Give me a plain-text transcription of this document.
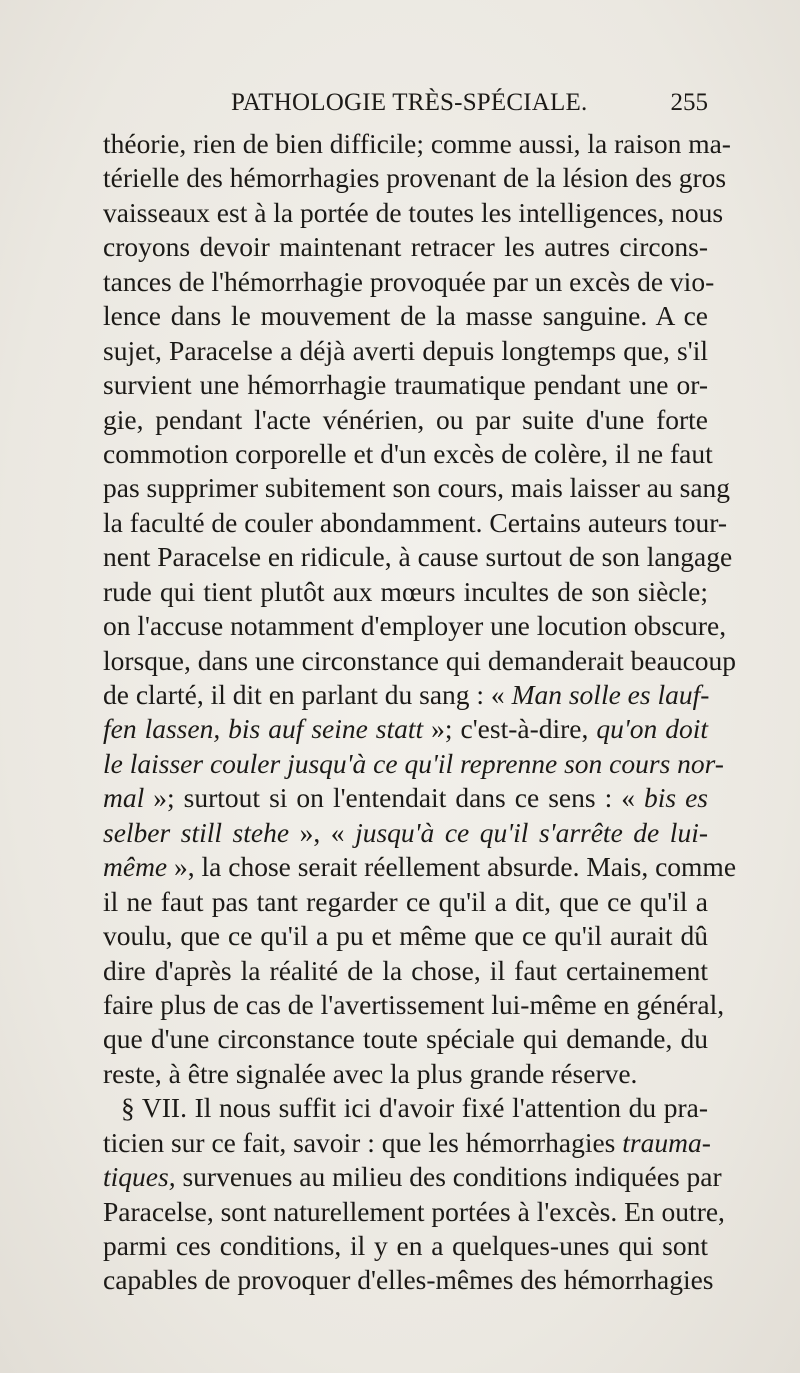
PATHOLOGIE TRÈS-SPÉCIALE.	255
théorie, rien de bien difficile; comme aussi, la raison ma-
térielle des hémorrhagies provenant de la lésion des gros
vaisseaux est à la portée de toutes les intelligences, nous
croyons devoir maintenant retracer les autres circons-
tances de l'hémorrhagie provoquée par un excès de vio-
lence dans le mouvement de la masse sanguine. A ce
sujet, Paracelse a déjà averti depuis longtemps que, s'il
survient une hémorrhagie traumatique pendant une or-
gie, pendant l'acte vénérien, ou par suite d'une forte
commotion corporelle et d'un excès de colère, il ne faut
pas supprimer subitement son cours, mais laisser au sang
la faculté de couler abondamment. Certains auteurs tour-
nent Paracelse en ridicule, à cause surtout de son langage
rude qui tient plutôt aux mœurs incultes de son siècle;
on l'accuse notamment d'employer une locution obscure,
lorsque, dans une circonstance qui demanderait beaucoup
de clarté, il dit en parlant du sang : « Man solle es lauf-
fen lassen, bis auf seine statt »; c'est-à-dire, qu'on doit
le laisser couler jusqu'à ce qu'il reprenne son cours nor-
mal »; surtout si on l'entendait dans ce sens : « bis es
selber still stehe », « jusqu'à ce qu'il s'arrête de lui-
même », la chose serait réellement absurde. Mais, comme
il ne faut pas tant regarder ce qu'il a dit, que ce qu'il a
voulu, que ce qu'il a pu et même que ce qu'il aurait dû
dire d'après la réalité de la chose, il faut certainement
faire plus de cas de l'avertissement lui-même en général,
que d'une circonstance toute spéciale qui demande, du
reste, à être signalée avec la plus grande réserve.
§ VII. Il nous suffit ici d'avoir fixé l'attention du pra-
ticien sur ce fait, savoir : que les hémorrhagies trauma-
tiques, survenues au milieu des conditions indiquées par
Paracelse, sont naturellement portées à l'excès. En outre,
parmi ces conditions, il y en a quelques-unes qui sont
capables de provoquer d'elles-mêmes des hémorrhagies
